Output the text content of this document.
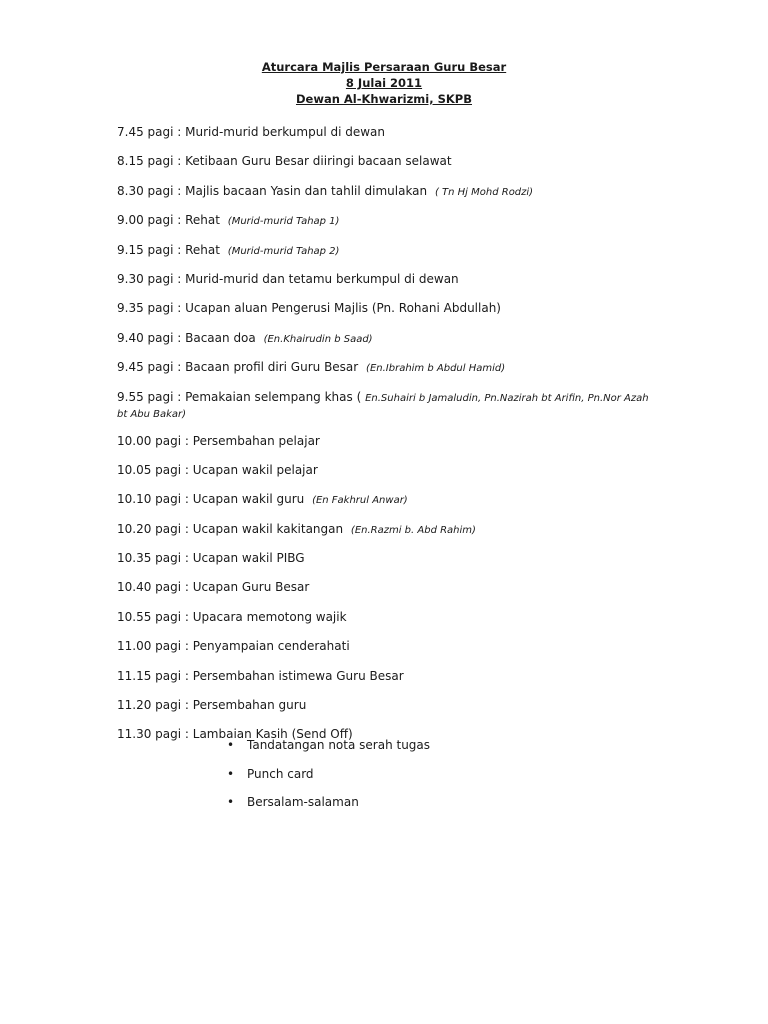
Aturcara Majlis Persaraan Guru Besar
8 Julai 2011
Dewan Al-Khwarizmi, SKPB
7.45 pagi : Murid-murid berkumpul di dewan
8.15 pagi : Ketibaan Guru Besar diiringi bacaan selawat
8.30 pagi : Majlis bacaan Yasin dan tahlil dimulakan ( Tn Hj Mohd Rodzi)
9.00 pagi : Rehat (Murid-murid Tahap 1)
9.15 pagi : Rehat (Murid-murid Tahap 2)
9.30 pagi : Murid-murid dan tetamu berkumpul di dewan
9.35 pagi : Ucapan aluan Pengerusi Majlis (Pn. Rohani Abdullah)
9.40 pagi : Bacaan doa (En.Khairudin b Saad)
9.45 pagi : Bacaan profil diri Guru Besar (En.Ibrahim b Abdul Hamid)
9.55 pagi : Pemakaian selempang khas ( En.Suhairi b Jamaludin, Pn.Nazirah bt Arifin, Pn.Nor Azah bt Abu Bakar)
10.00 pagi : Persembahan pelajar
10.05 pagi : Ucapan wakil pelajar
10.10 pagi : Ucapan wakil guru (En Fakhrul Anwar)
10.20 pagi : Ucapan wakil kakitangan (En.Razmi b. Abd Rahim)
10.35 pagi : Ucapan wakil PIBG
10.40 pagi : Ucapan Guru Besar
10.55 pagi : Upacara memotong wajik
11.00 pagi : Penyampaian cenderahati
11.15 pagi : Persembahan istimewa Guru Besar
11.20 pagi : Persembahan guru
11.30 pagi : Lambaian Kasih (Send Off)
• Tandatangan nota serah tugas
• Punch card
• Bersalam-salaman
